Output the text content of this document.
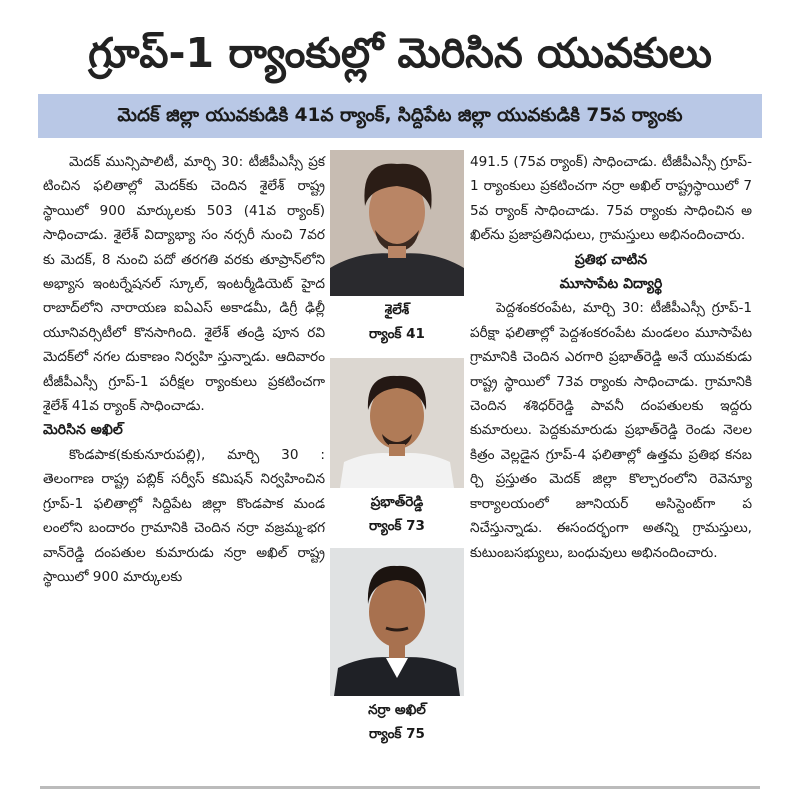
గ్రూప్-1 ర్యాంకుల్లో మెరిసిన యువకులు
మెదక్ జిల్లా యువకుడికి 41వ ర్యాంక్, సిద్దిపేట జిల్లా యువకుడికి 75వ ర్యాంకు

మెదక్ మున్సిపాలిటీ, మార్చి 30: టీజీపీఎస్సీ ప్రకటించిన ఫలితాల్లో మెదక్‌కు చెందిన శైలేశ్ రాష్ట్రస్థాయిలో 900 మార్కులకు 503 (41వ ర్యాంక్) సాధించాడు. శైలేశ్ విద్యాభ్యా సం నర్సరీ నుంచి 7వరకు మెదక్, 8 నుంచి పదో తరగతి వరకు తూప్రాన్‌లోని అభ్యాస ఇంటర్నేషనల్ స్కూల్, ఇంటర్మీడియెట్ హైదరాబాద్‌లోని నారాయణ ఐఏఎస్ అకాడమీ, డిగ్రీ ఢిల్లీ యూనివర్సిటీలో కొనసాగింది. శైలేశ్ తండ్రి పూన రవి మెదక్‌లో నగల దుకాణం నిర్వహి స్తున్నాడు. ఆదివారం టీజీపీఎస్సీ గ్రూప్-1 పరీక్షల ర్యాంకులు ప్రకటించగా శైలేశ్ 41వ ర్యాంక్ సాధించాడు.

మెరిసిన అఖిల్

కొండపాక(కుకునూరుపల్లి), మార్చి 30 : తెలంగాణ రాష్ట్ర పబ్లిక్ సర్వీస్ కమిషన్ నిర్వహించిన గ్రూప్-1 ఫలితాల్లో సిద్దిపేట జిల్లా కొండపాక మండలంలోని బందారం గ్రామానికి చెందిన నర్రా వజ్రమ్మ-భగవాన్‌రెడ్డి దంపతుల కుమారుడు నర్రా అఖిల్ రాష్ట్రస్థాయిలో 900 మార్కులకు

శైలేశ్
ర్యాంక్ 41
ప్రభాత్‌రెడ్డి
ర్యాంక్ 73
నర్రా అఖిల్
ర్యాంక్ 75

491.5 (75వ ర్యాంక్) సాధించాడు. టీజీపీఎస్సీ గ్రూప్-1 ర్యాంకులు ప్రకటించగా నర్రా అఖిల్ రాష్ట్రస్థాయిలో 75వ ర్యాంక్ సాధించాడు. 75వ ర్యాంకు సాధించిన అఖిల్‌ను ప్రజాప్రతినిధులు, గ్రామస్తులు అభినందించారు.

ప్రతిభ చాటిన

మూసాపేట విద్యార్థి

పెద్దశంకరంపేట, మార్చి 30: టీజీపీఎస్సీ గ్రూప్-1 పరీక్షా ఫలితాల్లో పెద్దశంకరంపేట మండలం మూసాపేట గ్రామానికి చెందిన ఎరగారి ప్రభాత్‌రెడ్డి అనే యువకుడు రాష్ట్ర స్థాయిలో 73వ ర్యాంకు సాధించాడు. గ్రామానికి చెందిన శశిధర్‌రెడ్డి పావనీ దంపతులకు ఇద్దరు కుమారులు. పెద్దకుమారుడు ప్రభాత్‌రెడ్డి రెండు నెలల కిత్రం వెల్లడైన గ్రూప్-4 ఫలితాల్లో ఉత్తమ ప్రతిభ కనబర్చి ప్రస్తుతం మెదక్ జిల్లా కొల్చారంలోని రెవెన్యూ కార్యాలయంలో జూనియర్ అసిస్టెంట్‌గా పనిచేస్తున్నాడు. ఈసందర్భంగా అతన్ని గ్రామస్తులు, కుటుంబసభ్యులు, బంధువులు అభినందించారు.
